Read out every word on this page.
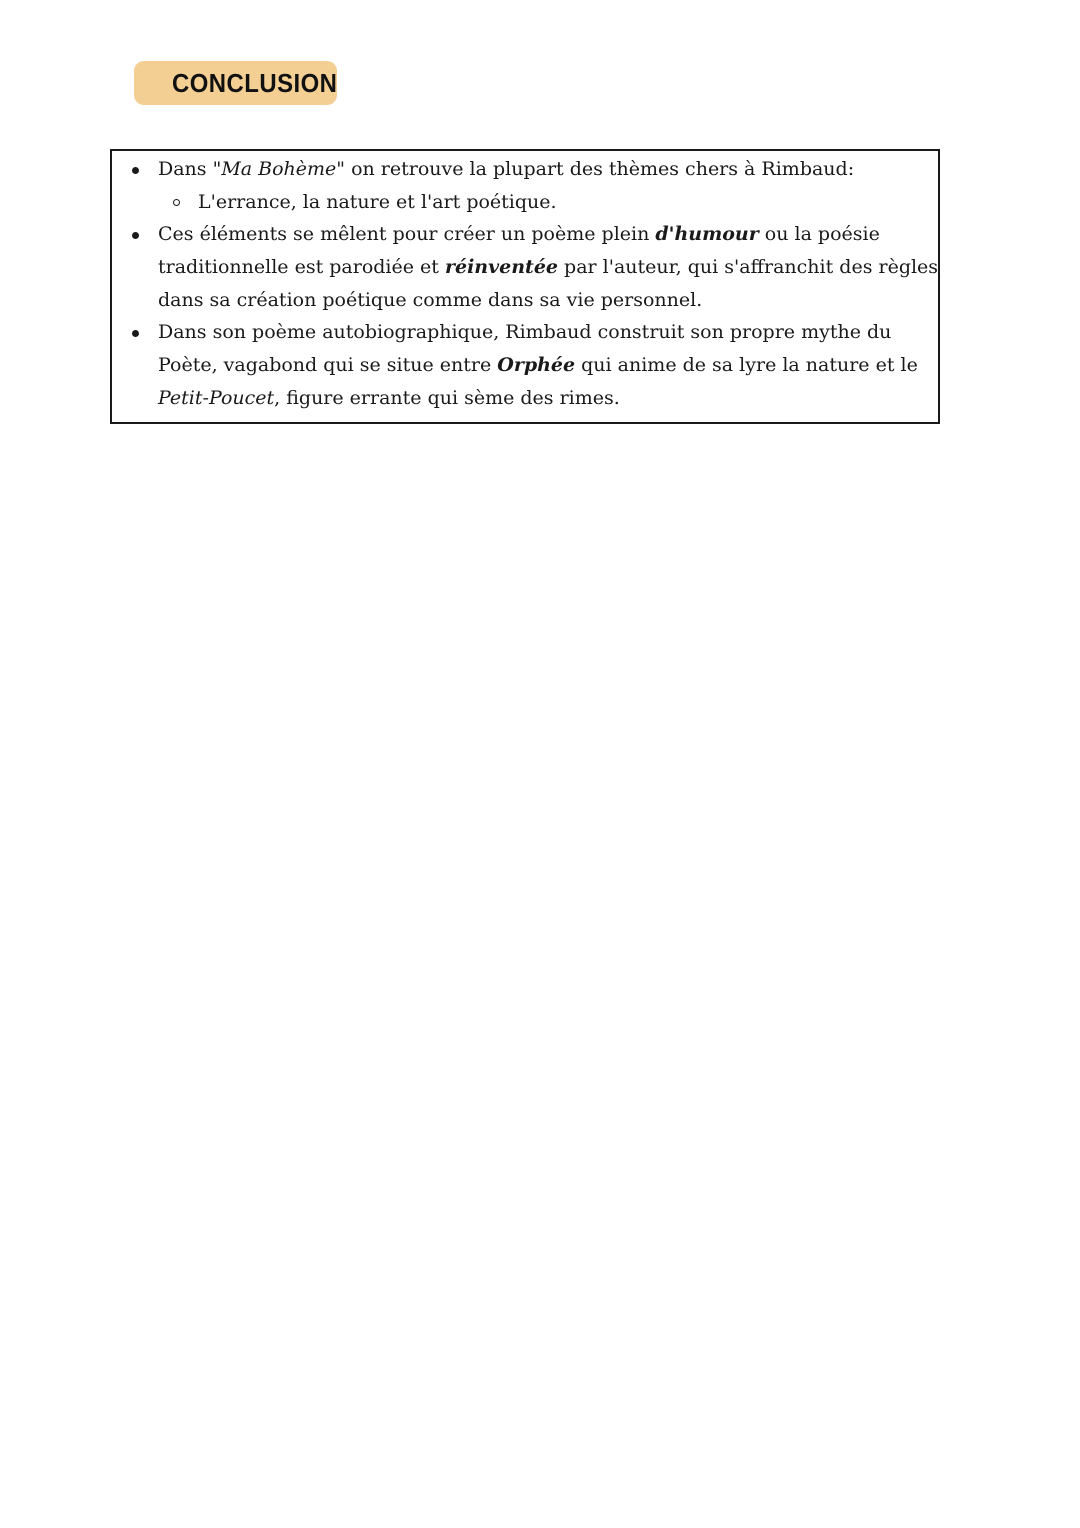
CONCLUSION
Dans "Ma Bohème" on retrouve la plupart des thèmes chers à Rimbaud:
L'errance, la nature et l'art poétique.
Ces éléments se mêlent pour créer un poème plein d'humour ou la poésie
traditionnelle est parodiée et réinventée par l'auteur, qui s'affranchit des règles
dans sa création poétique comme dans sa vie personnel.
Dans son poème autobiographique, Rimbaud construit son propre mythe du
Poète, vagabond qui se situe entre Orphée qui anime de sa lyre la nature et le
Petit-Poucet, figure errante qui sème des rimes.
